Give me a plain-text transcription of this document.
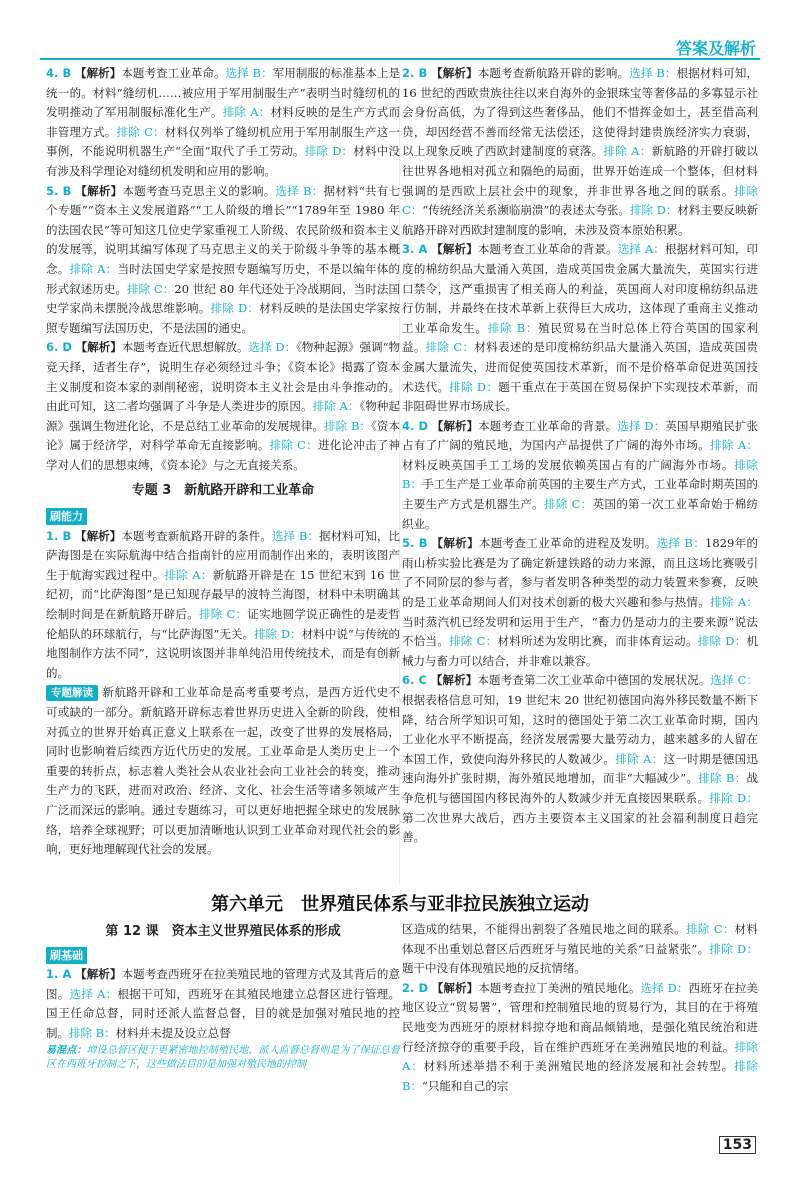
答案及解析
4. B 【解析】本题考查工业革命。选择 B：军用制服的标准基本上是统一的。材料“缝纫机……被应用于军用制服生产”表明当时缝纫机的发明推动了军用制服标准化生产。排除 A：材料反映的是生产方式而非管理方式。排除 C：材料仅列举了缝纫机应用于军用制服生产这一事例，不能说明机器生产“全面”取代了手工劳动。排除 D：材料中没有涉及科学理论对缝纫机发明和应用的影响。
5. B 【解析】本题考查马克思主义的影响。选择 B：据材料“共有七个专题”“资本主义发展道路”“工人阶级的增长”“1789年至 1980 年的法国农民”等可知这几位史学家重视工人阶级、农民阶级和资本主义的发展等，说明其编写体现了马克思主义的关于阶级斗争等的基本概念。排除 A：当时法国史学家是按照专题编写历史，不是以编年体的形式叙述历史。排除 C：20 世纪 80 年代还处于冷战期间，当时法国史学家尚未摆脱冷战思维影响。排除 D：材料反映的是法国史学家按照专题编写法国历史，不是法国的通史。
6. D 【解析】本题考查近代思想解放。选择 D：《物种起源》强调“物竞天择，适者生存”，说明生存必须经过斗争；《资本论》揭露了资本主义制度和资本家的剥削秘密，说明资本主义社会是由斗争推动的。由此可知，这二者均强调了斗争是人类进步的原因。排除 A：《物种起源》强调生物进化论，不是总结工业革命的发展规律。排除 B：《资本论》属于经济学，对科学革命无直接影响。排除 C：进化论冲击了神学对人们的思想束缚，《资本论》与之无直接关系。
专题 3　新航路开辟和工业革命
刷能力
1. B 【解析】本题考查新航路开辟的条件。选择 B：据材料可知，比萨海图是在实际航海中结合指南针的应用而制作出来的，表明该图产生于航海实践过程中。排除 A：新航路开辟是在 15 世纪末到 16 世纪初，而“比萨海图”是已知现存最早的波特兰海图，材料中未明确其绘制时间是在新航路开辟后。排除 C：证实地圆学说正确性的是麦哲伦船队的环球航行，与“比萨海图”无关。排除 D：材料中说“与传统的地图制作方法不同”，这说明该图并非单纯沿用传统技术，而是有创新的。
专题解读 新航路开辟和工业革命是高考重要考点，是西方近代史不可或缺的一部分。新航路开辟标志着世界历史进入全新的阶段，使相对孤立的世界开始真正意义上联系在一起，改变了世界的发展格局，同时也影响着后续西方近代历史的发展。工业革命是人类历史上一个重要的转折点，标志着人类社会从农业社会向工业社会的转变，推动生产力的飞跃，进而对政治、经济、文化、社会生活等诸多领域产生广泛而深远的影响。通过专题练习，可以更好地把握全球史的发展脉络，培养全球视野；可以更加清晰地认识到工业革命对现代社会的影响，更好地理解现代社会的发展。
2. B 【解析】本题考查新航路开辟的影响。选择 B：根据材料可知，16 世纪的西欧贵族往往以来自海外的金银珠宝等奢侈品的多寡显示社会身份高低，为了得到这些奢侈品，他们不惜挥金如土，甚至借高利贷，却因经营不善而经常无法偿还，这使得封建贵族经济实力衰弱，以上现象反映了西欧封建制度的衰落。排除 A：新航路的开辟打破以往世界各地相对孤立和隔绝的局面，世界开始连成一个整体，但材料强调的是西欧上层社会中的现象，并非世界各地之间的联系。排除 C：“传统经济关系濒临崩溃”的表述太夸张。排除 D：材料主要反映新航路开辟对西欧封建制度的影响，未涉及资本原始积累。
3. A 【解析】本题考查工业革命的背景。选择 A：根据材料可知，印度的棉纺织品大量涌入英国，造成英国贵金属大量流失，英国实行进口禁令，这严重损害了相关商人的利益，英国商人对印度棉纺织品进行仿制，并最终在技术革新上获得巨大成功，这体现了重商主义推动工业革命发生。排除 B：殖民贸易在当时总体上符合英国的国家利益。排除 C：材料表述的是印度棉纺织品大量涌入英国，造成英国贵金属大量流失，进而促使英国技术革新，而不是价格革命促进英国技术迭代。排除 D：题干重点在于英国在贸易保护下实现技术革新，而非阻碍世界市场成长。
4. D 【解析】本题考查工业革命的背景。选择 D：英国早期殖民扩张占有了广阔的殖民地，为国内产品提供了广阔的海外市场。排除 A：材料反映英国手工工场的发展依赖英国占有的广阔海外市场。排除 B：手工生产是工业革命前英国的主要生产方式，工业革命时期英国的主要生产方式是机器生产。排除 C：英国的第一次工业革命始于棉纺织业。
5. B 【解析】本题考查工业革命的进程及发明。选择 B：1829年的雨山桥实验比赛是为了确定新建铁路的动力来源，而且这场比赛吸引了不同阶层的参与者，参与者发明各种类型的动力装置来参赛，反映的是工业革命期间人们对技术创新的极大兴趣和参与热情。排除 A：当时蒸汽机已经发明和运用于生产，“畜力仍是动力的主要来源”说法不恰当。排除 C：材料所述为发明比赛，而非体育运动。排除 D：机械力与畜力可以结合，并非难以兼容。
6. C 【解析】本题考查第二次工业革命中德国的发展状况。选择 C：根据表格信息可知，19 世纪末 20 世纪初德国向海外移民数量不断下降，结合所学知识可知，这时的德国处于第二次工业革命时期，国内工业化水平不断提高，经济发展需要大量劳动力，越来越多的人留在本国工作，致使向海外移民的人数减少。排除 A：这一时期是德国迅速向海外扩张时期，海外殖民地增加，而非“大幅减少”。排除 B：战争危机与德国国内移民海外的人数减少并无直接因果联系。排除 D：第二次世界大战后，西方主要资本主义国家的社会福利制度日趋完善。
第六单元　世界殖民体系与亚非拉民族独立运动
第 12 课　资本主义世界殖民体系的形成
刷基础
1. A 【解析】本题考查西班牙在拉美殖民地的管理方式及其背后的意图。选择 A：根据干可知，西班牙在其殖民地建立总督区进行管理。国王任命总督，同时还派人监督总督，目的就是加强对殖民地的控制。排除 B：材料并未提及设立总督
易混点：增设总督区便于更紧密地控制殖民地，派人监督总督则是为了保证总督区在西班牙控制之下，这些做法目的是加强对殖民地的控制
区造成的结果，不能得出割裂了各殖民地之间的联系。排除 C：材料体现不出重划总督区后西班牙与殖民地的关系“日益紧张”。排除 D：题干中没有体现殖民地的反抗情绪。
2. D 【解析】本题考查拉丁美洲的殖民地化。选择 D：西班牙在拉美地区设立“贸易署”，管理和控制殖民地的贸易行为，其目的在于将殖民地变为西班牙的原材料掠夺地和商品倾销地，是强化殖民统治和进行经济掠夺的重要手段，旨在维护西班牙在美洲殖民地的利益。排除 A：材料所述举措不利于美洲殖民地的经济发展和社会转型。排除 B：“只能和自己的宗
153
